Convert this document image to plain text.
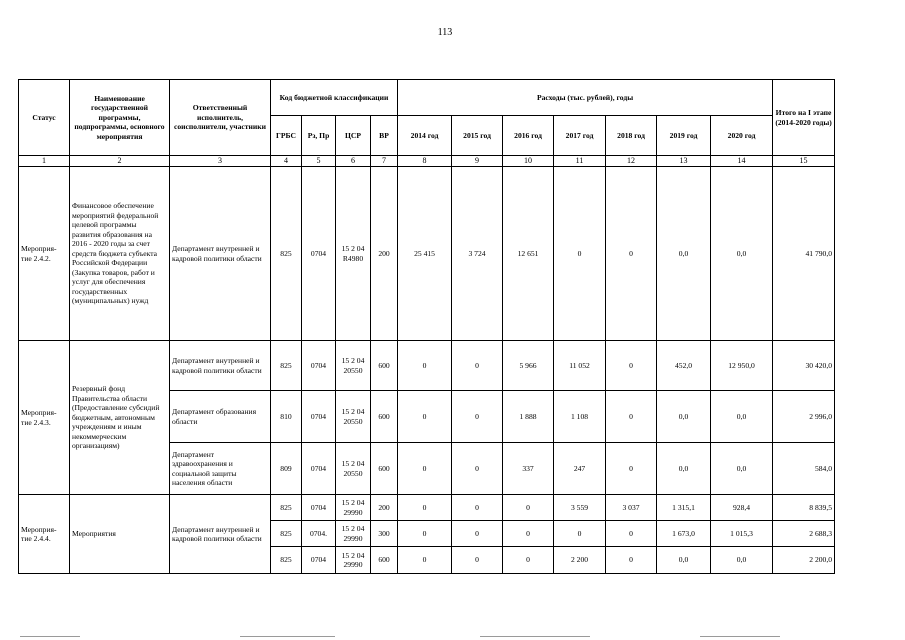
113
Статус	Наименование государственной программы, подпрограммы, основного мероприятия	Ответственный исполнитель, соисполнители, участники	Код бюджетной классификации				Расходы (тыс. рублей), годы							Итого на I этапе (2014-2020 годы)
			ГРБС	Рз, Пр	ЦСР	ВР	2014 год	2015 год	2016 год	2017 год	2018 год	2019 год	2020 год	
1	2	3	4	5	6	7	8	9	10	11	12	13	14	15
Мероприя-тие 2.4.2.	Финансовое обеспечение мероприятий федеральной целевой программы развития образования на 2016 - 2020 годы за счет средств бюджета субъекта Российской Федерации (Закупка товаров, работ и услуг для обеспечения государственных (муниципальных) нужд	Департамент внутренней и кадровой политики области	825	0704	15 2 04 R4980	200	25 415	3 724	12 651	0	0	0,0	0,0	41 790,0
Мероприя-тие 2.4.3.	Резервный фонд Правительства области (Предоставление субсидий бюджетным, автономным учреждениям и иным некоммерческим организациям)	Департамент внутренней и кадровой политики области	825	0704	15 2 04 20550	600	0	0	5 966	11 052	0	452,0	12 950,0	30 420,0
		Департамент образования области	810	0704	15 2 04 20550	600	0	0	1 888	1 108	0	0,0	0,0	2 996,0
		Департамент здравоохранения и социальной защиты населения области	809	0704	15 2 04 20550	600	0	0	337	247	0	0,0	0,0	584,0
Мероприя-тие 2.4.4.	Мероприятия	Департамент внутренней и кадровой политики области	825	0704	15 2 04 29990	200	0	0	0	3 559	3 037	1 315,1	928,4	8 839,5
			825	0704.	15 2 04 29990	300	0	0	0	0	0	1 673,0	1 015,3	2 688,3
			825	0704	15 2 04 29990	600	0	0	0	2 200	0	0,0	0,0	2 200,0
